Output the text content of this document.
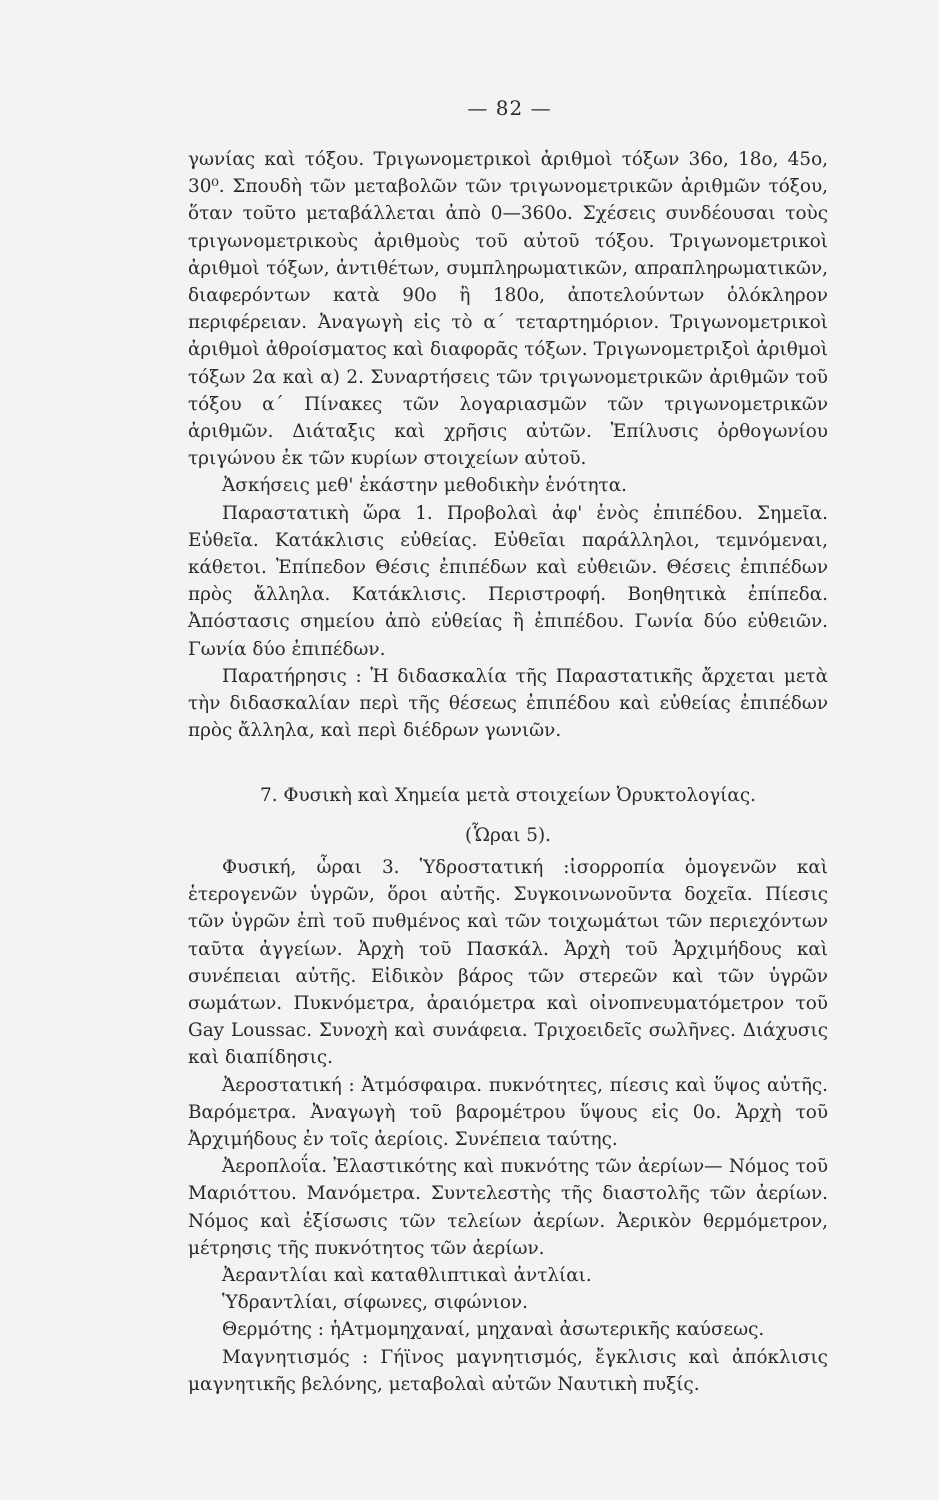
— 82 —

γωνίας καὶ τόξου. Τριγωνομετρικοὶ ἀριθμοὶ τόξων 36ο, 18ο, 45ο, 30⁰. Σπουδὴ τῶν μεταβολῶν τῶν τριγωνομετρικῶν ἀριθμῶν τόξου, ὅταν τοῦτο μεταβάλλεται ἀπὸ 0—360ο. Σχέσεις συνδέουσαι τοὺς τριγωνομετρικοὺς ἀριθμοὺς τοῦ αὐτοῦ τόξου. Τριγωνομετρικοὶ ἀριθμοὶ τόξων, ἀντιθέτων, συμπληρωματικῶν, απραπληρωματικῶν, διαφερόντων κατὰ 90ο ἢ 180ο, ἀποτελούντων ὁλόκληρον περιφέρειαν. Ἀναγωγὴ εἰς τὸ α΄ τεταρτημόριον. Τριγωνομετρικοὶ ἀριθμοὶ ἀθροίσματος καὶ διαφορᾶς τόξων. Τριγωνομετριξοὶ ἀριθμοὶ τόξων 2α καὶ α) 2. Συναρτήσεις τῶν τριγωνομετρικῶν ἀριθμῶν τοῦ τόξου α΄ Πίνακες τῶν λογαριασμῶν τῶν τριγωνομετρικῶν ἀριθμῶν. Διάταξις καὶ χρῆσις αὐτῶν. Ἐπίλυσις ὀρθογωνίου τριγώνου ἐκ τῶν κυρίων στοιχείων αὐτοῦ.

Ἀσκήσεις μεθ' ἑκάστην μεθοδικὴν ἑνότητα.

Παραστατικὴ ὥρα 1. Προβολαὶ ἀφ' ἑνὸς ἐπιπέδου. Σημεῖα. Εὐθεῖα. Κατάκλισις εὐθείας. Εὐθεῖαι παράλληλοι, τεμνόμεναι, κάθετοι. Ἐπίπεδον Θέσις ἐπιπέδων καὶ εὐθειῶν. Θέσεις ἐπιπέδων πρὸς ἄλληλα. Κατάκλισις. Περιστροφή. Βοηθητικὰ ἐπίπεδα. Ἀπόστασις σημείου ἀπὸ εὐθείας ἢ ἐπιπέδου. Γωνία δύο εὐθειῶν. Γωνία δύο ἐπιπέδων.

Παρατήρησις : Ἡ διδασκαλία τῆς Παραστατικῆς ἄρχεται μετὰ τὴν διδασκαλίαν περὶ τῆς θέσεως ἐπιπέδου καὶ εὐθείας ἐπιπέδων πρὸς ἄλληλα, καὶ περὶ διέδρων γωνιῶν.

7. Φυσικὴ καὶ Χημεία μετὰ στοιχείων Ὀρυκτολογίας.
(Ὧραι 5).

Φυσική, ὧραι 3. Ὑδροστατική :ἰσορροπία ὁμογενῶν καὶ ἑτερογενῶν ὑγρῶν, ὅροι αὐτῆς. Συγκοινωνοῦντα δοχεῖα. Πίεσις τῶν ὑγρῶν ἐπὶ τοῦ πυθμένος καὶ τῶν τοιχωμάτωι τῶν περιεχόντων ταῦτα ἀγγείων. Ἀρχὴ τοῦ Πασκάλ. Ἀρχὴ τοῦ Ἀρχιμήδους καὶ συνέπειαι αὐτῆς. Εἰδικὸν βάρος τῶν στερεῶν καὶ τῶν ὑγρῶν σωμάτων. Πυκνόμετρα, ἀραιόμετρα καὶ οἰνοπνευματόμετρον τοῦ Gay Loussac. Συνοχὴ καὶ συνάφεια. Τριχοειδεῖς σωλῆνες. Διάχυσις καὶ διαπίδησις.

Ἀεροστατική : Ἀτμόσφαιρα. πυκνότητες, πίεσις καὶ ὕψος αὐτῆς. Βαρόμετρα. Ἀναγωγὴ τοῦ βαρομέτρου ὕψους εἰς 0ο. Ἀρχὴ τοῦ Ἀρχιμήδους ἐν τοῖς ἀερίοις. Συνέπεια ταύτης.

Ἀεροπλοΐα. Ἐλαστικότης καὶ πυκνότης τῶν ἀερίων— Νόμος τοῦ Μαριόττου. Μανόμετρα. Συντελεστὴς τῆς διαστολῆς τῶν ἀερίων. Νόμος καὶ ἐξίσωσις τῶν τελείων ἀερίων. Ἀερικὸν θερμόμετρον, μέτρησις τῆς πυκνότητος τῶν ἀερίων.

Ἀεραντλίαι καὶ καταθλιπτικαὶ ἀντλίαι.

Ὑδραντλίαι, σίφωνες, σιφώνιον.

Θερμότης : ἡΑτμομηχαναί, μηχαναὶ ἀσωτερικῆς καύσεως.

Μαγνητισμός : Γήϊνος μαγνητισμός, ἔγκλισις καὶ ἀπόκλισις μαγνητικῆς βελόνης, μεταβολαὶ αὐτῶν Ναυτικὴ πυξίς.
